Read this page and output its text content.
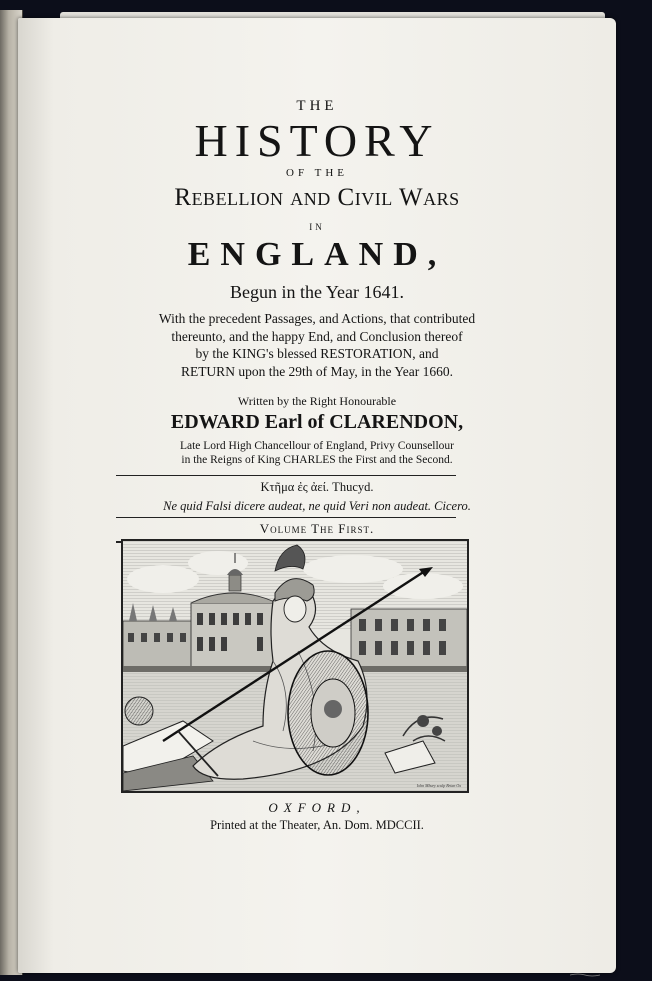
THE
HISTORY
OF THE
Rebellion and Civil Wars
IN
ENGLAND,
Begun in the Year 1641.
With the precedent Passages, and Actions, that contributed
thereunto, and the happy End, and Conclusion thereof
by the KING's blessed RESTORATION, and
RETURN upon the 29th of May, in the Year 1660.
Written by the Right Honourable
EDWARD Earl of CLARENDON,
Late Lord High Chancellour of England, Privy Counsellour
in the Reigns of King CHARLES the First and the Second.
Κτῆμα ἐς ἀεί. Thucyd.
Ne quid Falsi dicere audeat, ne quid Veri non audeat. Cicero.
Volume The First.
Iohn Mbury sculp Brian Ox
OXFORD,
Printed at the Theater, An. Dom. MDCCII.
